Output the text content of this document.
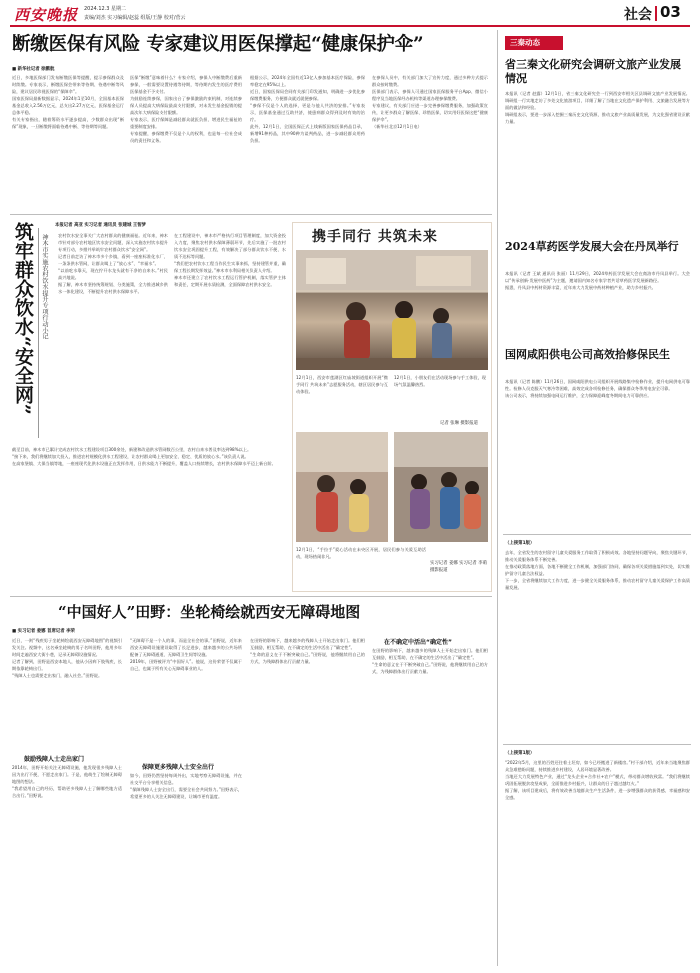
西安晚报 2024.12.3 星期二
责编/刘杰 实习编辑/赵蕊 组版/王静 校对/菅云	社会 03
断缴医保有风险 专家建议用医保撑起“健康保护伞”
■ 新华社记者 徐鹏航
近日，多地医保部门发布断缴医保等提醒，提示参保群众及时续缴。专家表示，断缴医保会带来等待期、待遇中断等风险，建议居民珍视医保的“保障伞”。
国家医保局最新数据显示，2024年1至10月，全国基本医保基金总收入2.56万亿元，总支出2.27万亿元，医保基金运行总体平稳。
有关专家指出，随着筹资水平逐步提高，少数群众出现“断保”现象，一旦断缴将面临待遇中断、等待期等问题。
医保“断缴”意味着什么？专家介绍，参保人中断缴费后重新参保，一般需要设置待遇等待期，等待期内发生的医疗费用医保基金不予支付。
为鼓励连续参保，国家出台了参保激励约束机制，对连续参保人员提高大病保险最高支付限额，对未发生基金报销的提高次年大病保险支付限额。
专家表示，医疗保障是减轻群众就医负担、增进民生福祉的重要制度安排。
专家提醒，参保缴费不仅是个人的权利，也是每一位社会成员的责任和义务。
根据公示，2024年全国有近13亿人参加基本医疗保险，参保率稳定在95%以上。
近日，国家医保局会同有关部门印发通知，明确进一步优化参保缴费服务，方便群众就近就便参保。
“参保不仅是个人的选择，更是与他人共济的安排。”专家表示，医保基金通过互助共济，使患病群众得到及时有效的治疗。
此外，12月1日，全国医保正式上线新版国家医保药品目录，新增91种药品，其中90种为谈判药品，进一步减轻群众用药负担。
在参保人员中，有关部门加大了宣传力度，通过多种方式提示群众按时缴费。
医保部门表示，参保人可通过国家医保服务平台App、微信小程序及当地医保经办机构等渠道办理参保缴费。
专家建议，有关部门应进一步完善参保缴费服务，加强政策宣传，让更多群众了解医保、珍惜医保，切实用好医保这把“健康保护伞”。
（新华社北京12月1日电）
筑牢群众饮水“安全网” 神木市实施农村饮水提升专项行动小记
本报记者 高亚 实习记者 通讯员 张建城 王智梦
农村饮水安全事关广大农村群众的健康福祉。近年来，神木市针对部分农村地区饮水安全问题，深入实施农村饮水提升专项行动，多措并举筑牢农村群众饮水“安全网”。
记者日前走访了神木市多个乡镇，看到一座座标准化水厂、一条条供水管网，让群众喝上了“放心水”、“幸福水”。
“以前吃水靠天，现在拧开水龙头就有干净的自来水。”村民高兴地说。
据了解，神木市坚持统筹规划、分类施策，全力推进城乡供水一体化建设，不断提升农村供水保障水平。
在工程建设中，神木市严格执行项目管理制度，加大资金投入力度，聚焦农村供水保障薄弱环节，先后实施了一批农村饮水安全巩固提升工程，有效解决了部分群众饮水不便、水质不达标等问题。
“我们把农村饮水工程当作民生实事来抓，坚持建管并重，确保工程长期发挥效益。”神木市水利局相关负责人介绍。
神木市还建立了农村饮水工程运行管护机制，落实管护主体和责任，定期开展水质检测，全面保障农村供水安全。
截至目前，神木市已累计完成农村饮水工程建设项目300余处，新建和改造供水管网数百公里，农村自来水普及率达到98%以上。
“接下来，我们将继续加大投入，推进农村规模化供水工程建设，让农村群众喝上更加安全、稳定、优质的放心水。”该负责人说。
在高家堡镇、大保当镇等地，一座座现代化供水设施正在发挥作用，日供水能力不断提升，覆盖人口持续增长，农村供水保障水平迈上新台阶。
携手同行 共筑未来
12月1日，西安市莲湖区红庙坡街道组织开展“携手同行 共筑未来”志愿服务活动，辖区居民参与互动体验。
12月1日，小朋友们在活动现场参与手工体验，现场气氛温馨热烈。
记者 张琳 摄影报道
12月1日，“手拉手”爱心活动在未央区开展，居民们参与关爱互助活动，现场热闹非凡。
实习记者 姜娜 实习记者 李萌 摄影报道
“中国好人”田野：坐轮椅绘就西安无障碍地图
■ 实习记者 姜娜 首席记者 李荣
近日，一则“残疾男子坐轮椅绘就西安无障碍地图”的视频引发关注。视频中，这名乘坐轮椅的男子名叫田野，他用多年时间走遍西安大街小巷，记录无障碍设施情况。
记者了解到，田野是西安本地人，他从小因病下肢残疾，长期依靠轮椅出行。
“残障人士也需要走出家门，融入社会。”田野说。
鼓励残障人士走出家门
2014年，田野开始关注无障碍设施，他发现很多残障人士因为出行不便，不愿走出家门。于是，他萌生了绘制无障碍地图的想法。
“我希望用自己的经历，帮助更多残障人士了解哪些地方适合出行。”田野说。
“无障碍不是一个人的事，而是全社会的事。”田野说，近年来西安无障碍设施建设取得了长足进步，越来越多的公共场所配备了无障碍通道、无障碍卫生间等设施。
2019年，田野被评为“中国好人”。他说，这份荣誉不仅属于自己，也属于所有关心无障碍事业的人。
保障更多残障人士安全出行
如今，田野仍然坚持每周外出，实地考察无障碍设施，并在社交平台分享相关信息。
“保障残障人士安全出行，需要全社会共同努力。”田野表示，希望更多的人关注无障碍建设，让城市更有温度。
在田野的影响下，越来越多的残障人士开始走出家门。他们相互鼓励，相互帮助，在不确定的生活中活出了“确定性”。
“生命的意义在于不断突破自己。”田野说，他将继续用自己的方式，为残障群体出行贡献力量。
在不确定中活出“确定性”
在田野的影响下，越来越多的残障人士开始走出家门。他们相互鼓励，相互帮助，在不确定的生活中活出了“确定性”。
“生命的意义在于不断突破自己。”田野说，他将继续用自己的方式，为残障群体出行贡献力量。
三秦动态
省三秦文化研究会调研文旅产业发展情况
本报讯（记者 赵露）12月1日，省三秦文化研究会一行到西安市相关区县调研文旅产业发展情况。调研组一行实地走访了多处文化旅游项目，详细了解了当地在文化遗产保护利用、文旅融合发展等方面的做法和经验。
调研组表示，要进一步深入挖掘三秦历史文化资源，推动文旅产业高质量发展，为文化强省建设贡献力量。
2024草药医学发展大会在丹凤举行
本报讯（记者 王斌 通讯员 张丽）11月29日，2024草药医学发展大会在商洛市丹凤县举行。大会以“传承创新·发展中医药”为主题，邀请国内知名专家学者共话草药医学发展新路径。
据悉，丹凤县中药材资源丰富，近年来大力发展中药材种植产业，助力乡村振兴。
国网咸阳供电公司高效拾修保民生
本报讯（记者 陈鹏）11月26日，国网咸阳供电公司组织开展线路集中检修作业，提升电网供电可靠性。检修人员克服天气寒冷等困难，高效完成各项检修任务，确保群众冬季用电安全可靠。
该公司表示，将持续加强电网运行维护，全力保障迎峰度冬期间电力可靠供应。
（上接第1版）
去年，全省发生的农村留守儿童关爱服务工作取得了积极成效。各地坚持问题导向，聚焦关键环节，推动关爱服务体系不断完善。
在推动政策落地方面，各地不断健全工作机制，加强部门协同，确保各项关爱措施落到实处，切实维护留守儿童合法权益。
下一步，全省将继续加大工作力度，进一步健全关爱服务体系，推动农村留守儿童关爱保护工作高质量发展。
（上接第1版）
“2022年5月，这里的百姓还住着土坯房，如今已经搬进了新楼房。”村干部介绍，近年来当地聚焦群众急难愁盼问题，持续推进乡村建设，人居环境显著改善。
当地还大力发展特色产业，通过“龙头企业+合作社+农户”模式，带动群众增收致富。“我们将继续巩固拓展脱贫攻坚成果，全面推进乡村振兴，让群众的日子越过越红火。”
据了解，该项目建成后，将有效改善当地群众生产生活条件，进一步增强群众的获得感、幸福感和安全感。
